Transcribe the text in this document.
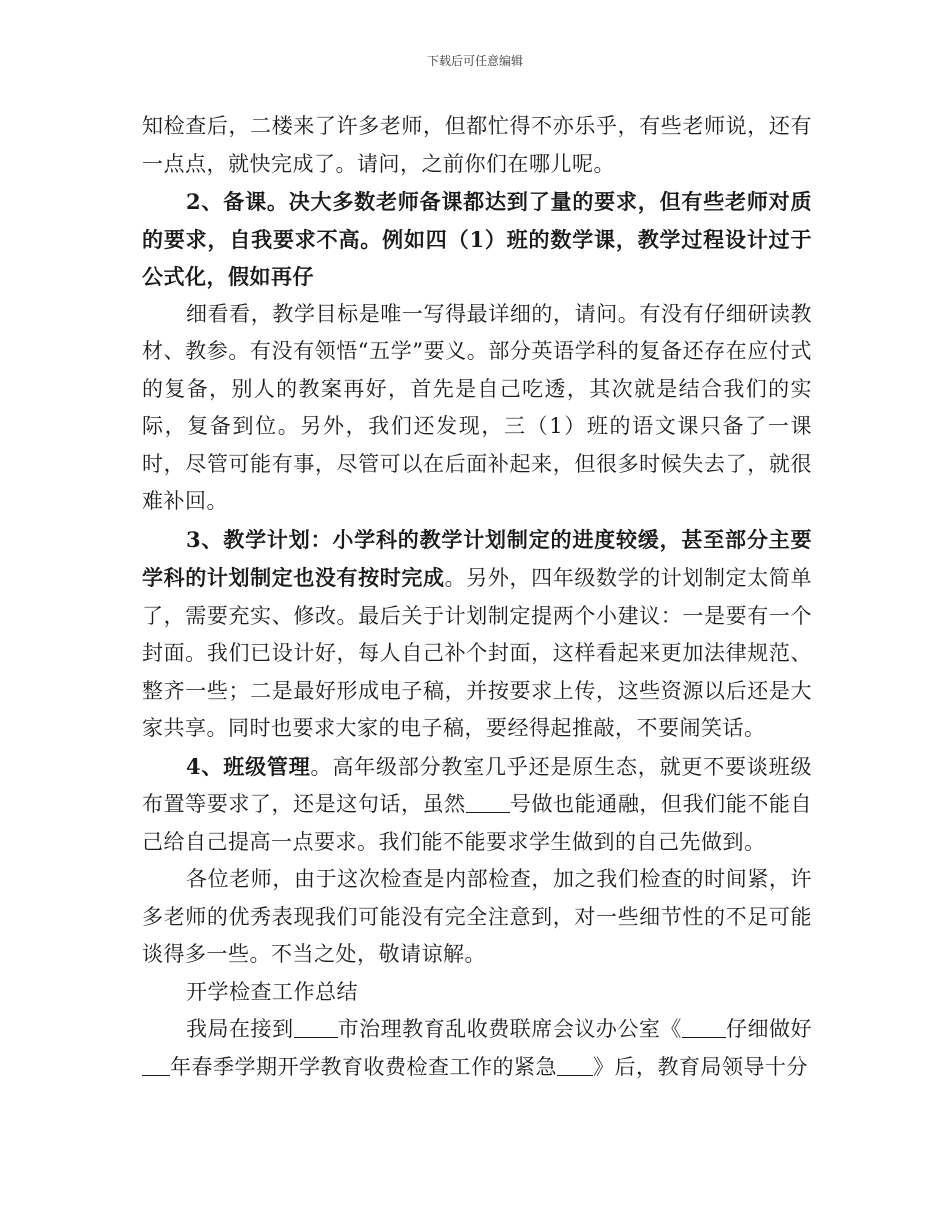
下载后可任意编辑

知检查后，二楼来了许多老师，但都忙得不亦乐乎，有些老师说，还有一点点，就快完成了。请问，之前你们在哪儿呢。

2、备课。决大多数老师备课都达到了量的要求，但有些老师对质的要求，自我要求不高。例如四（1）班的数学课，教学过程设计过于公式化，假如再仔

细看看，教学目标是唯一写得最详细的，请问。有没有仔细研读教材、教参。有没有领悟“五学”要义。部分英语学科的复备还存在应付式的复备，别人的教案再好，首先是自己吃透，其次就是结合我们的实际，复备到位。另外，我们还发现，三（1）班的语文课只备了一课时，尽管可能有事，尽管可以在后面补起来，但很多时候失去了，就很难补回。

3、教学计划：小学科的教学计划制定的进度较缓，甚至部分主要学科的计划制定也没有按时完成。另外，四年级数学的计划制定太简单了，需要充实、修改。最后关于计划制定提两个小建议：一是要有一个封面。我们已设计好，每人自己补个封面，这样看起来更加法律规范、整齐一些；二是最好形成电子稿，并按要求上传，这些资源以后还是大家共享。同时也要求大家的电子稿，要经得起推敲，不要闹笑话。

4、班级管理。高年级部分教室几乎还是原生态，就更不要谈班级布置等要求了，还是这句话，虽然 号做也能通融，但我们能不能自己给自己提高一点要求。我们能不能要求学生做到的自己先做到。

各位老师，由于这次检查是内部检查，加之我们检查的时间紧，许多老师的优秀表现我们可能没有完全注意到，对一些细节性的不足可能谈得多一些。不当之处，敬请谅解。

开学检查工作总结

我局在接到 市治理教育乱收费联席会议办公室《 仔细做好年春季学期开学教育收费检查工作的紧急 》后，教育局领导十分
